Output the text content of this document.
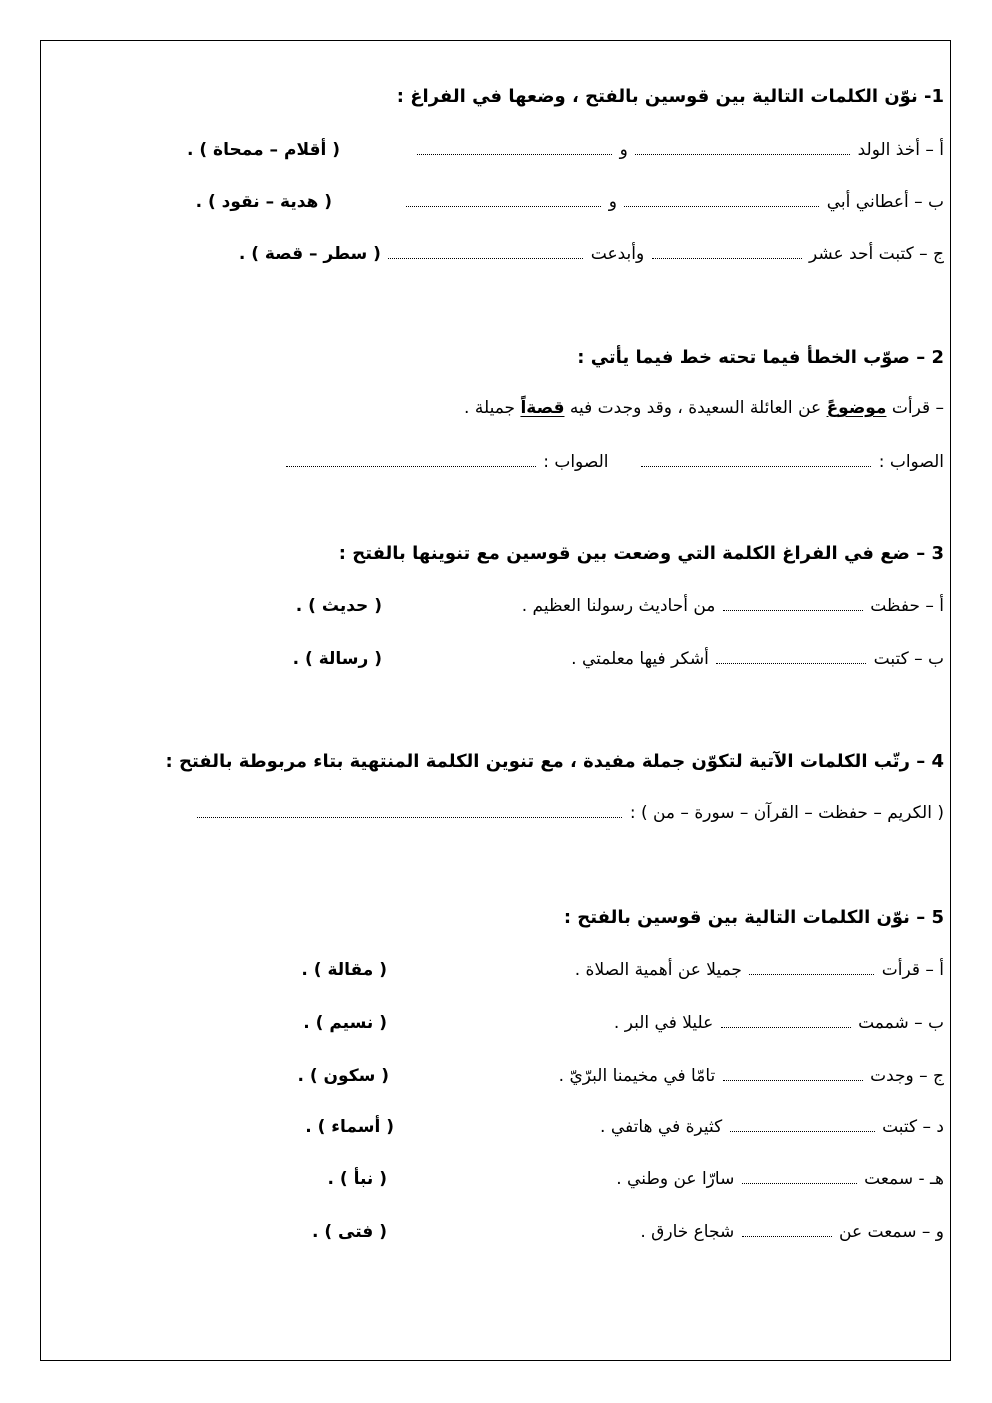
1- نوّن الكلمات التالية بين قوسين بالفتح ، وضعها في الفراغ :
أ – أخذ الولد  و
( أقلام – ممحاة ) .
ب – أعطاني أبي  و
( هدية – نقود ) .
ج – كتبت أحد عشر  وأبدعت  ( سطر – قصة ) .
2 – صوّب الخطأ فيما تحته خط فيما يأتي :
– قرأت موضوعً عن العائلة السعيدة ، وقد وجدت فيه قصةاً جميلة .
الصواب :   الصواب :
3 – ضع في الفراغ الكلمة التي وضعت بين قوسين مع تنوينها بالفتح :
أ – حفظت  من أحاديث رسولنا العظيم .
( حديث ) .
ب – كتبت  أشكر فيها معلمتي .
( رسالة ) .
4 – رتّب الكلمات الآتية لتكوّن جملة مفيدة ، مع تنوين الكلمة المنتهية بتاء مربوطة بالفتح :
( الكريم – حفظت – القرآن – سورة – من ) :
5 – نوّن الكلمات التالية بين قوسين بالفتح :
أ – قرأت  جميلا عن أهمية الصلاة .
( مقالة ) .
ب – شممت  عليلا في البر .
( نسيم ) .
ج – وجدت  تامّا في مخيمنا البرّيّ .
( سكون ) .
د – كتبت  كثيرة في هاتفي .
( أسماء ) .
هـ - سمعت  سارّا عن وطني .
( نبأ ) .
و – سمعت عن  شجاع خارق .
( فتى ) .
